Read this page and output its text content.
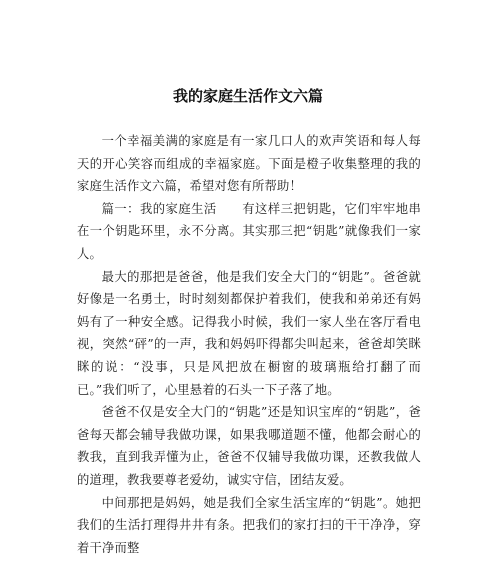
我的家庭生活作文六篇

一个幸福美满的家庭是有一家几口人的欢声笑语和每人每天的开心笑容而组成的幸福家庭。下面是橙子收集整理的我的家庭生活作文六篇，希望对您有所帮助！

篇一：我的家庭生活　　有这样三把钥匙，它们牢牢地串在一个钥匙环里，永不分离。其实那三把“钥匙”就像我们一家人。

最大的那把是爸爸，他是我们安全大门的“钥匙”。爸爸就好像是一名勇士，时时刻刻都保护着我们，使我和弟弟还有妈妈有了一种安全感。记得我小时候，我们一家人坐在客厅看电视，突然“砰”的一声，我和妈妈吓得都尖叫起来，爸爸却笑眯眯的说：“没事，只是风把放在橱窗的玻璃瓶给打翻了而已。”我们听了，心里悬着的石头一下子落了地。

爸爸不仅是安全大门的“钥匙”还是知识宝库的“钥匙”，爸爸每天都会辅导我做功课，如果我哪道题不懂，他都会耐心的教我，直到我弄懂为止，爸爸不仅辅导我做功课，还教我做人的道理，教我要尊老爱幼，诚实守信，团结友爱。

中间那把是妈妈，她是我们全家生活宝库的“钥匙”。她把我们的生活打理得井井有条。把我们的家打扫的干干净净，穿着干净而整
